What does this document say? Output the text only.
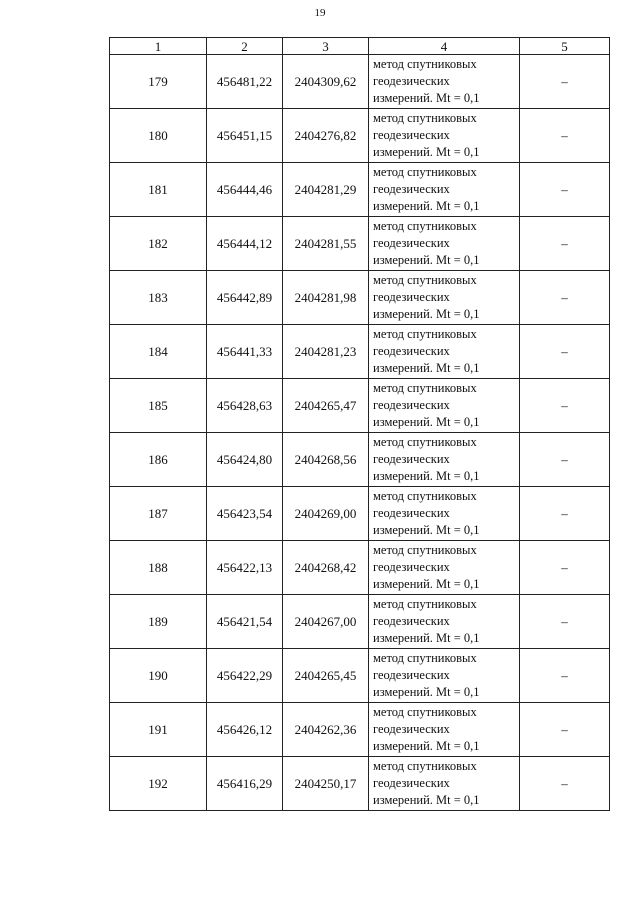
19
1	2	3	4	5
179	456481,22	2404309,62	метод спутниковых
геодезических
измерений. Mt = 0,1	–
180	456451,15	2404276,82	метод спутниковых
геодезических
измерений. Mt = 0,1	–
181	456444,46	2404281,29	метод спутниковых
геодезических
измерений. Mt = 0,1	–
182	456444,12	2404281,55	метод спутниковых
геодезических
измерений. Mt = 0,1	–
183	456442,89	2404281,98	метод спутниковых
геодезических
измерений. Mt = 0,1	–
184	456441,33	2404281,23	метод спутниковых
геодезических
измерений. Mt = 0,1	–
185	456428,63	2404265,47	метод спутниковых
геодезических
измерений. Mt = 0,1	–
186	456424,80	2404268,56	метод спутниковых
геодезических
измерений. Mt = 0,1	–
187	456423,54	2404269,00	метод спутниковых
геодезических
измерений. Mt = 0,1	–
188	456422,13	2404268,42	метод спутниковых
геодезических
измерений. Mt = 0,1	–
189	456421,54	2404267,00	метод спутниковых
геодезических
измерений. Mt = 0,1	–
190	456422,29	2404265,45	метод спутниковых
геодезических
измерений. Mt = 0,1	–
191	456426,12	2404262,36	метод спутниковых
геодезических
измерений. Mt = 0,1	–
192	456416,29	2404250,17	метод спутниковых
геодезических
измерений. Mt = 0,1	–
